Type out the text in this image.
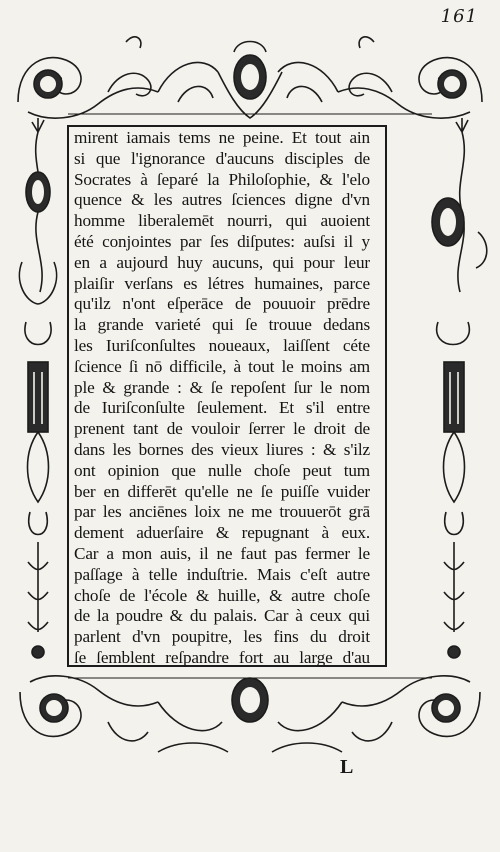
161
mirent iamais tems ne peine. Et tout ain
si que l'ignorance d'aucuns disciples de
Socrates à ſeparé la Philoſophie, & l'elo
quence & les autres ſciences digne d'vn
homme liberalemēt nourri, qui auoient
été conjointes par ſes diſputes: auſsi il y
en a aujourd huy aucuns, qui pour leur
plaiſir verſans es létres humaines, parce
qu'ilz n'ont eſperāce de pouuoir prēdre
la grande varieté qui ſe trouue dedans
les Iuriſconſultes noueaux, laiſſent céte
ſcience ſi nō difficile, à tout le moins am
ple & grande : & ſe repoſent ſur le nom
de Iuriſconſulte ſeulement. Et s'il entre
prenent tant de vouloir ſerrer le droit de
dans les bornes des vieux liures : & s'ilz
ont opinion que nulle choſe peut tum
ber en differēt qu'elle ne ſe puiſſe vuider
par les anciēnes loix ne me trouuerōt grā
dement aduerſaire & repugnant à eux.
Car a mon auis, il ne faut pas fermer le
paſſage à telle induſtrie. Mais c'eſt autre
choſe de l'école & huille, & autre choſe
de la poudre & du palais. Car à ceux qui
parlent d'vn poupitre, les fins du droit
ſe ſemblent reſpandre fort au large d'au
L
